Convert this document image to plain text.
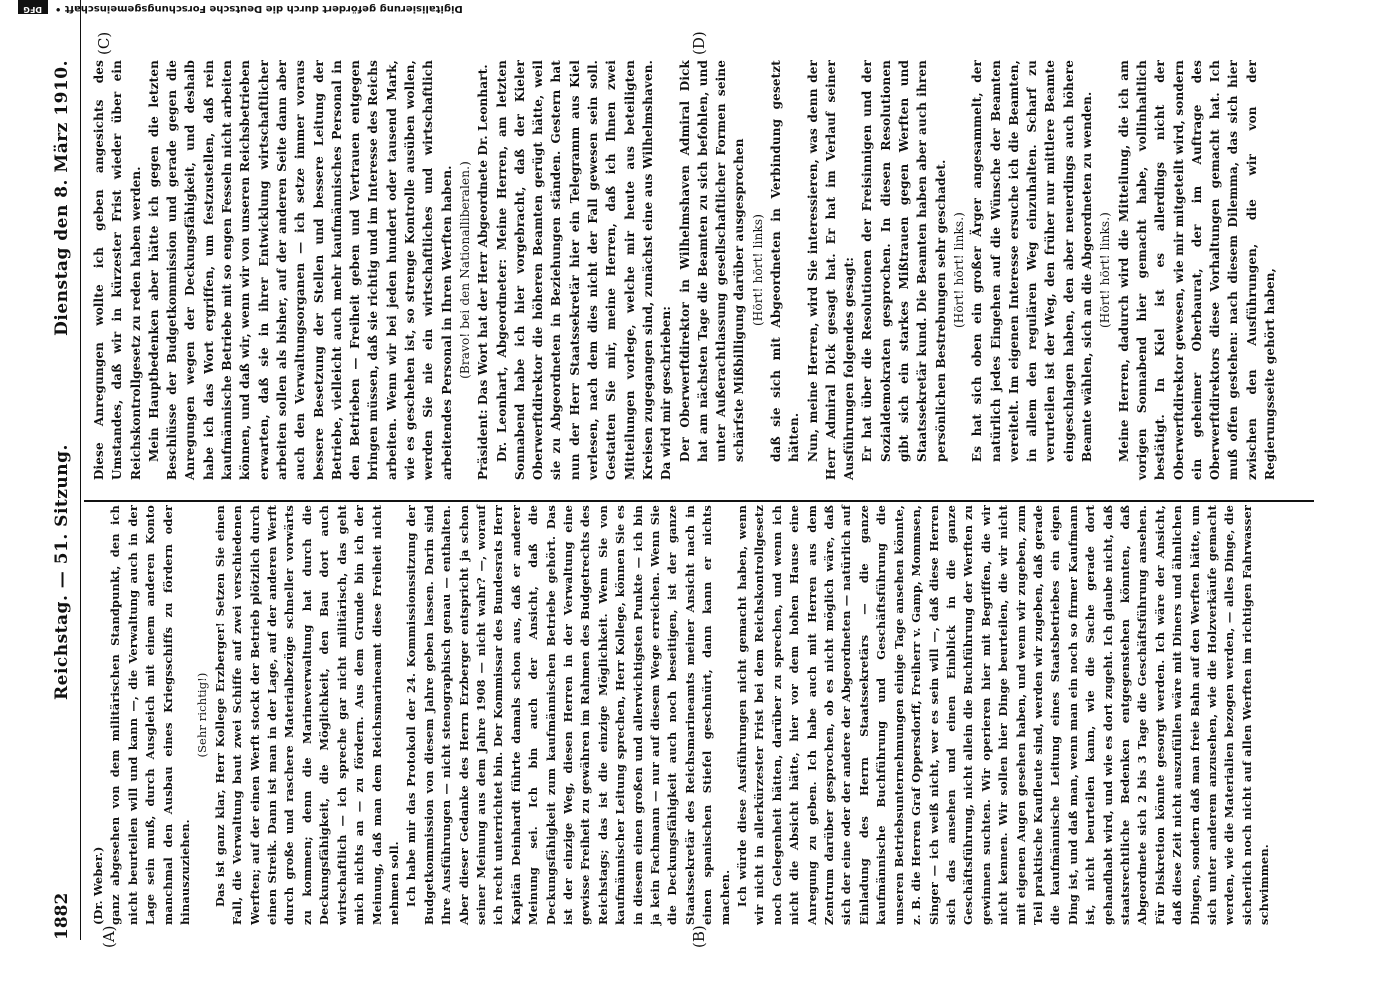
1882
Reichstag. — 51. Sitzung.
Dienstag den 8. März 1910.
(A)	(B)
(C)	(D)

(Dr. Weber.) ganz abgesehen von dem militärischen Standpunkt, den ich nicht beurteilen will und kann —, die Verwaltung auch in der Lage sein muß, durch Ausgleich mit einem anderen Konto manchmal den Ausbau eines Kriegsschiffs zu fördern oder hinauszuziehen.

(Sehr richtig!) Das ist ganz klar, Herr Kollege Erzberger! Setzen Sie einen Fall, die Verwaltung baut zwei Schiffe auf zwei verschiedenen Werften; auf der einen Werft stockt der Betrieb plötzlich durch einen Streik. Dann ist man in der Lage, auf der anderen Werft durch große und raschere Materialbezüge schneller vorwärts zu kommen; denn die Marineverwaltung hat durch die Deckungsfähigkeit, die Möglichkeit, den Bau dort auch wirtschaftlich — ich spreche gar nicht militärisch, das geht mich nichts an — zu fördern. Aus dem Grunde bin ich der Meinung, daß man dem Reichsmarineamt diese Freiheit nicht nehmen soll. Ich habe mir das Protokoll der 24. Kommissionssitzung der Budgetkommission von diesem Jahre geben lassen. Darin sind Ihre Ausführungen — nicht stenographisch genau — enthalten. Aber dieser Gedanke des Herrn Erzberger entspricht ja schon seiner Meinung aus dem Jahre 1908 — nicht wahr? —, worauf ich recht unterrichtet bin. Der Kommissar des Bundesrats Herr Kapitän Deinhardt führte damals schon aus, daß er anderer Meinung sei. Ich bin auch der Ansicht, daß die Deckungsfähigkeit zum kaufmännischen Betriebe gehört. Das ist der einzige Weg, diesen Herren in der Verwaltung eine gewisse Freiheit zu gewähren im Rahmen des Budgetrechts des Reichstags; das ist die einzige Möglichkeit. Wenn Sie von kaufmännischer Leitung sprechen, Herr Kollege, können Sie es in diesem einen großen und allerwichtigsten Punkte — ich bin ja kein Fachmann — nur auf diesem Wege erreichen. Wenn Sie die Deckungsfähigkeit auch noch beseitigen, ist der ganze Staatssekretär des Reichsmarineamts meiner Ansicht nach in einen spanischen Stiefel geschnürt, dann kann er nichts machen. Ich würde diese Ausführungen nicht gemacht haben, wenn wir nicht in allerkürzester Frist bei dem Reichskontrollgesetz noch Gelegenheit hätten, darüber zu sprechen, und wenn ich nicht die Absicht hätte, hier vor dem hohen Hause eine Anregung zu geben. Ich habe auch mit Herren aus dem Zentrum darüber gesprochen, ob es nicht möglich wäre, daß sich der eine oder der andere der Abgeordneten — natürlich auf Einladung des Herrn Staatssekretärs — die ganze kaufmännische Buchführung und Geschäftsführung die unseren Betriebsunternehmungen einige Tage ansehen könnte, z. B. die Herren Graf Oppersdorff, Freiherr v. Gamp, Mommsen, Singer — ich weiß nicht, wer es sein will —, daß diese Herren sich das ansehen und einen Einblick in die ganze Geschäftsführung, nicht allein die Buchführung der Werften zu gewinnen suchten. Wir operieren hier mit Begriffen, die wir nicht kennen. Wir sollen hier Dinge beurteilen, die wir nicht mit eigenen Augen gesehen haben, und wenn wir zugeben, zum Teil praktische Kaufleute sind, werden wir zugeben, daß gerade die kaufmännische Leitung eines Staatsbetriebes ein eigen Ding ist, und daß man, wenn man ein noch so firmer Kaufmann ist, nicht beurteilen kann, wie die Sache gerade dort gehandhabt wird, und wie es dort zugeht. Ich glaube nicht, daß staatsrechtliche Bedenken entgegenstehen könnten, daß Abgeordnete sich 2 bis 3 Tage die Geschäftsführung ansehen. Für Diskretion könnte gesorgt werden. Ich wäre der Ansicht, daß diese Zeit nicht auszufüllen wäre mit Diners und ähnlichen Dingen, sondern daß man freie Bahn auf den Werften hätte, um sich unter anderem anzusehen, wie die Holzverkäufe gemacht werden, wie die Materialien bezogen werden, — alles Dinge, die sicherlich noch nicht auf allen Werften im richtigen Fahrwasser schwimmen.

Diese Anregungen wollte ich geben angesichts des Umstandes, daß wir in kürzester Frist wieder über ein Reichskontrollgesetz zu reden haben werden. Mein Hauptbedenken aber hätte ich gegen die letzten Beschlüsse der Budgetkommission und gerade gegen die Anregungen wegen der Deckungsfähigkeit, und deshalb habe ich das Wort ergriffen, um festzustellen, daß rein kaufmännische Betriebe mit so engen Fesseln nicht arbeiten können, und daß wir, wenn wir von unseren Reichsbetrieben erwarten, daß sie in ihrer Entwicklung wirtschaftlicher arbeiten sollen als bisher, auf der anderen Seite dann aber auch den Verwaltungsorganen — ich setze immer voraus bessere Besetzung der Stellen und bessere Leitung der Betriebe, vielleicht auch mehr kaufmännisches Personal in den Betrieben — Freiheit geben und Vertrauen entgegen bringen müssen, daß sie richtig und im Interesse des Reichs arbeiten. Wenn wir bei jeden hundert oder tausend Mark, wie es geschehen ist, so strenge Kontrolle ausüben wollen, werden Sie nie ein wirtschaftliches und wirtschaftlich arbeitendes Personal in Ihren Werften haben. (Bravo! bei den Nationalliberalen.) Präsident: Das Wort hat der Herr Abgeordnete Dr. Leonhart. Dr. Leonhart, Abgeordneter: Meine Herren, am letzten Sonnabend habe ich hier vorgebracht, daß der Kieler Oberwerftdirektor die höheren Beamten gerügt hätte, weil sie zu Abgeordneten in Beziehungen ständen. Gestern hat nun der Herr Staatssekretär hier ein Telegramm aus Kiel verlesen, nach dem dies nicht der Fall gewesen sein soll. Gestatten Sie mir, meine Herren, daß ich Ihnen zwei Mitteilungen vorlege, welche mir heute aus beteiligten Kreisen zugegangen sind, zunächst eine aus Wilhelmshaven. Da wird mir geschrieben: Der Oberwerftdirektor in Wilhelmshaven Admiral Dick hat am nächsten Tage die Beamten zu sich befohlen, und unter Außerachtlassung gesellschaftlicher Formen seine schärfste Mißbilligung darüber ausgesprochen (Hört! hört! links) daß sie sich mit Abgeordneten in Verbindung gesetzt hätten. Nun, meine Herren, wird Sie interessieren, was denn der Herr Admiral Dick gesagt hat. Er hat im Verlauf seiner Ausführungen folgendes gesagt: Er hat über die Resolutionen der Freisinnigen und der Sozialdemokraten gesprochen. In diesen Resolutionen gibt sich ein starkes Mißtrauen gegen Werften und Staatssekretär kund. Die Beamten haben aber auch ihren persönlichen Bestrebungen sehr geschadet. (Hört! hört! links.) Es hat sich oben ein großer Ärger angesammelt, der natürlich jedes Eingehen auf die Wünsche der Beamten vereitelt. Im eigenen Interesse ersuche ich die Beamten, in allem den regulären Weg einzuhalten. Scharf zu verurteilen ist der Weg, den früher nur mittlere Beamte eingeschlagen haben, den aber neuerdings auch höhere Beamte wählen, sich an die Abgeordneten zu wenden. (Hört! hört! links.) Meine Herren, dadurch wird die Mitteilung, die ich am vorigen Sonnabend hier gemacht habe, vollinhaltlich bestätigt. In Kiel ist es allerdings nicht der Oberwerftdirektor gewesen, wie mir mitgeteilt wird, sondern ein geheimer Oberbaurat, der im Auftrage des Oberwerftdirektors diese Vorhaltungen gemacht hat. Ich muß offen gestehen: nach diesem Dilemma, das sich hier zwischen den Ausführungen, die wir von der Regierungsseite gehört haben,

DFG	Digitalisierung gefördert durch die Deutsche Forschungsgemeinschaft •
